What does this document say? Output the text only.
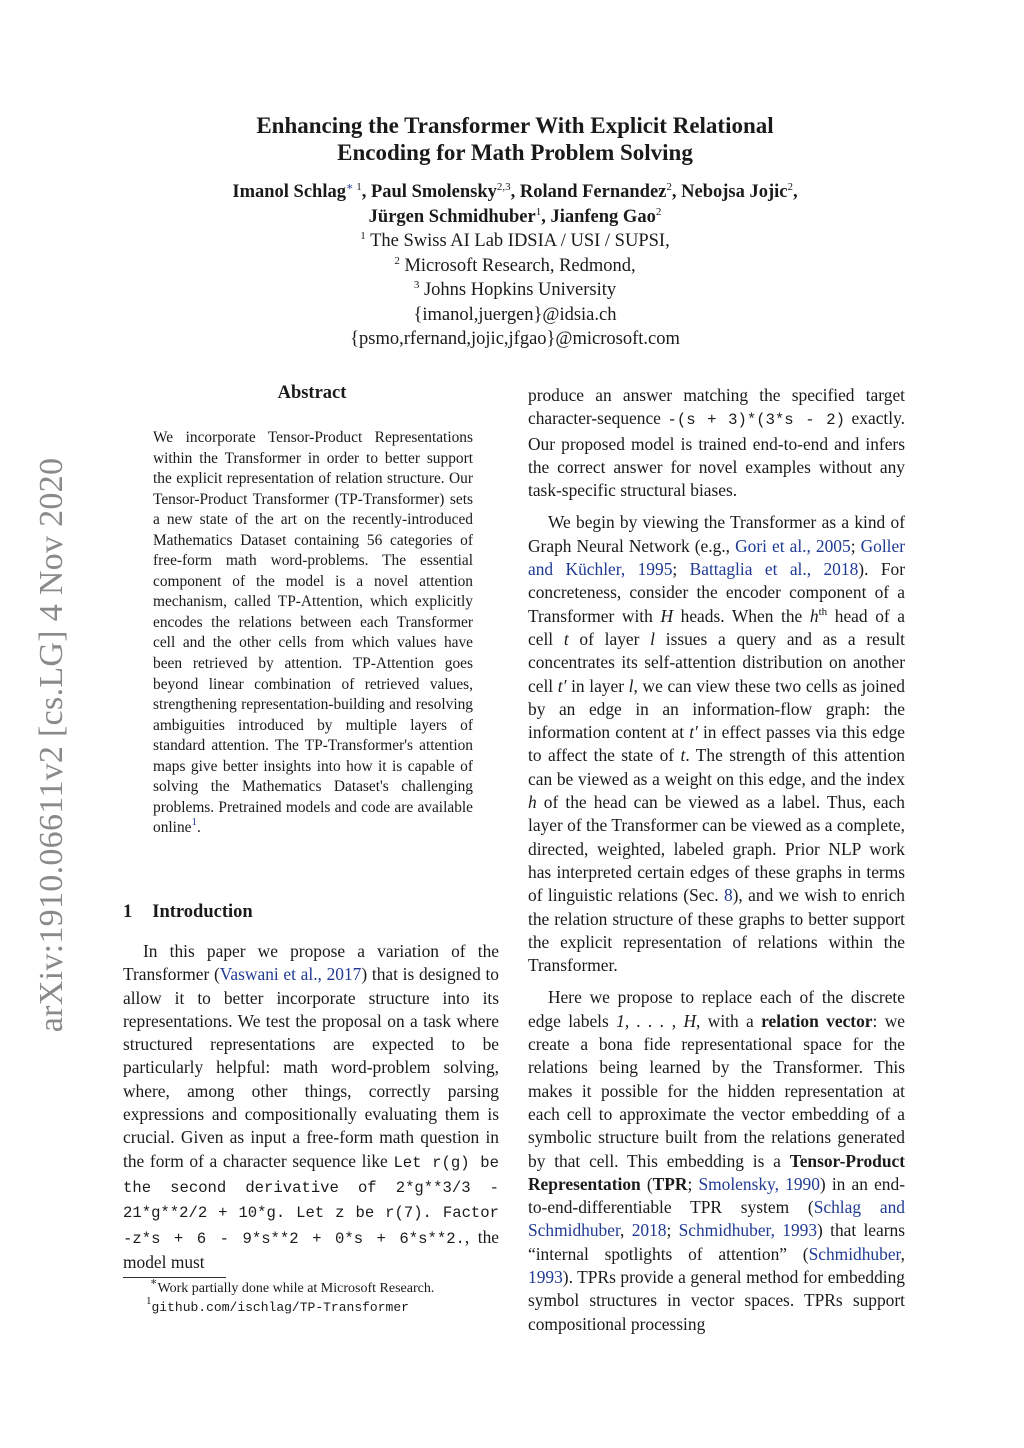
arXiv:1910.06611v2 [cs.LG] 4 Nov 2020
Enhancing the Transformer With Explicit Relational
Encoding for Math Problem Solving
Imanol Schlag$^{∗ 1}$, Paul Smolensky$^{2,3}$, Roland Fernandez$^2$, Nebojsa Jojic$^2$,
Jürgen Schmidhuber$^1$, Jianfeng Gao$^2$
$^1$ The Swiss AI Lab IDSIA / USI / SUPSI,
$^2$ Microsoft Research, Redmond,
$^3$ Johns Hopkins University
{imanol,juergen}@idsia.ch
{psmo,rfernand,jojic,jfgao}@microsoft.com
Abstract
We incorporate Tensor-Product Representations within the Transformer in order to better support the explicit representation of relation structure. Our Tensor-Product Transformer (TP-Transformer) sets a new state of the art on the recently-introduced Mathematics Dataset containing 56 categories of free-form math word-problems. The essential component of the model is a novel attention mechanism, called TP-Attention, which explicitly encodes the relations between each Transformer cell and the other cells from which values have been retrieved by attention. TP-Attention goes beyond linear combination of retrieved values, strengthening representation-building and resolving ambiguities introduced by multiple layers of standard attention. The TP-Transformer's attention maps give better insights into how it is capable of solving the Mathematics Dataset's challenging problems. Pretrained models and code are available online$^1$.
1 Introduction

In this paper we propose a variation of the Transformer (Vaswani et al., 2017) that is designed to allow it to better incorporate structure into its representations. We test the proposal on a task where structured representations are expected to be particularly helpful: math word-problem solving, where, among other things, correctly parsing expressions and compositionally evaluating them is crucial. Given as input a free-form math question in the form of a character sequence like Let r(g) be the second derivative of 2*g**3/3 - 21*g**2/2 + 10*g. Let z be r(7). Factor -z*s + 6 - 9*s**2 + 0*s + 6*s**2., the model must

∗Work partially done while at Microsoft Research.
$^1$github.com/ischlag/TP-Transformer

produce an answer matching the specified target character-sequence -(s + 3)*(3*s - 2) exactly. Our proposed model is trained end-to-end and infers the correct answer for novel examples without any task-specific structural biases.

We begin by viewing the Transformer as a kind of Graph Neural Network (e.g., Gori et al., 2005; Goller and Küchler, 1995; Battaglia et al., 2018). For concreteness, consider the encoder component of a Transformer with H heads. When the $h^{th}$ head of a cell t of layer l issues a query and as a result concentrates its self-attention distribution on another cell t′ in layer l, we can view these two cells as joined by an edge in an information-flow graph: the information content at t′ in effect passes via this edge to affect the state of t. The strength of this attention can be viewed as a weight on this edge, and the index h of the head can be viewed as a label. Thus, each layer of the Transformer can be viewed as a complete, directed, weighted, labeled graph. Prior NLP work has interpreted certain edges of these graphs in terms of linguistic relations (Sec. 8), and we wish to enrich the relation structure of these graphs to better support the explicit representation of relations within the Transformer.

Here we propose to replace each of the discrete edge labels 1, . . . , H, with a relation vector: we create a bona fide representational space for the relations being learned by the Transformer. This makes it possible for the hidden representation at each cell to approximate the vector embedding of a symbolic structure built from the relations generated by that cell. This embedding is a Tensor-Product Representation (TPR; Smolensky, 1990) in an end-to-end-differentiable TPR system (Schlag and Schmidhuber, 2018; Schmidhuber, 1993) that learns “internal spotlights of attention” (Schmidhuber, 1993). TPRs provide a general method for embedding symbol structures in vector spaces. TPRs support compositional processing
